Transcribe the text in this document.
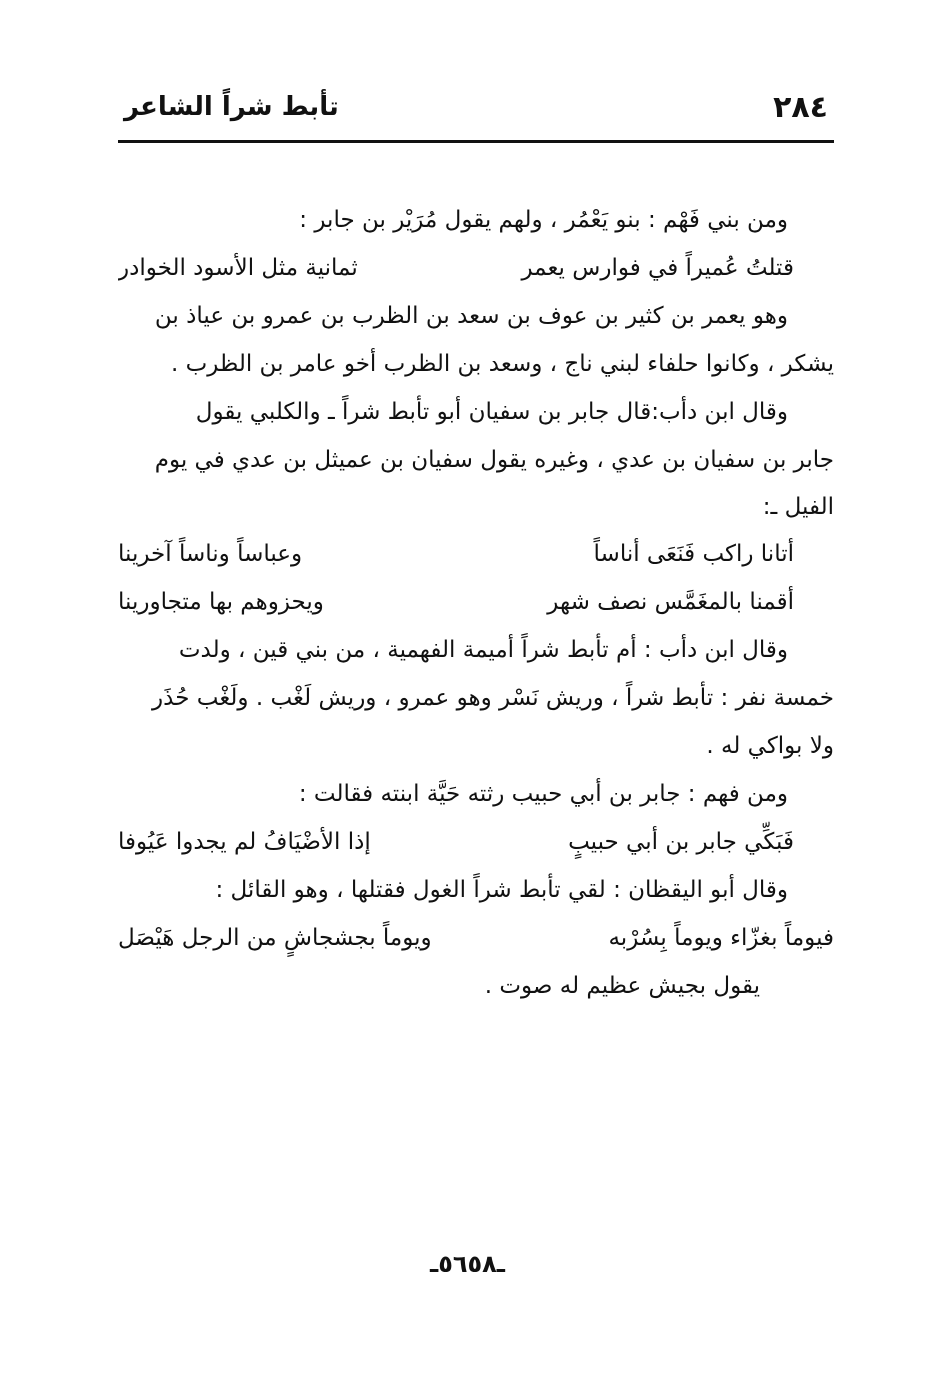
٢٨٤
تأبط شراً الشاعر
ومن بني فَهْم : بنو يَعْمُر ، ولهم يقول مُرَيْر بن جابر :
قتلتُ عُميراً في فوارس يعمر
ثمانية مثل الأسود الخوادر
وهو يعمر بن كثير بن عوف بن سعد بن الظرب بن عمرو بن عياذ بن
يشكر ، وكانوا حلفاء لبني ناج ، وسعد بن الظرب أخو عامر بن الظرب .
وقال ابن دأب:قال جابر بن سفيان أبو تأبط شراً ـ والكلبي يقول
جابر بن سفيان بن عدي ، وغيره يقول سفيان بن عميثل بن عدي في يوم
الفيل ـ:
أتانا راكب فَنَعَى أناساً
وعباساً وناساً آخرينا
أقمنا بالمغَمَّس نصف شهر
ويحزوهم بها متجاورينا
وقال ابن دأب : أم تأبط شراً أميمة الفهمية ، من بني قين ، ولدت
خمسة نفر : تأبط شراً ، وريش نَسْر وهو عمرو ، وريش لَغْب . ولَغْب حُذَر
ولا بواكي له .
ومن فهم : جابر بن أبي حبيب رثته حَيَّة ابنته فقالت :
فَبَكِّي جابر بن أبي حبيبٍ
إذا الأضْيَافُ لم يجدوا عَيُوفا
وقال أبو اليقظان : لقي تأبط شراً الغول فقتلها ، وهو القائل :
فيوماً بغزّاء ويوماً بِسُرْبه
ويوماً بجشجاشٍ من الرجل هَيْصَل
يقول بجيش عظيم له صوت .
ـ٥٦٥٨ـ
